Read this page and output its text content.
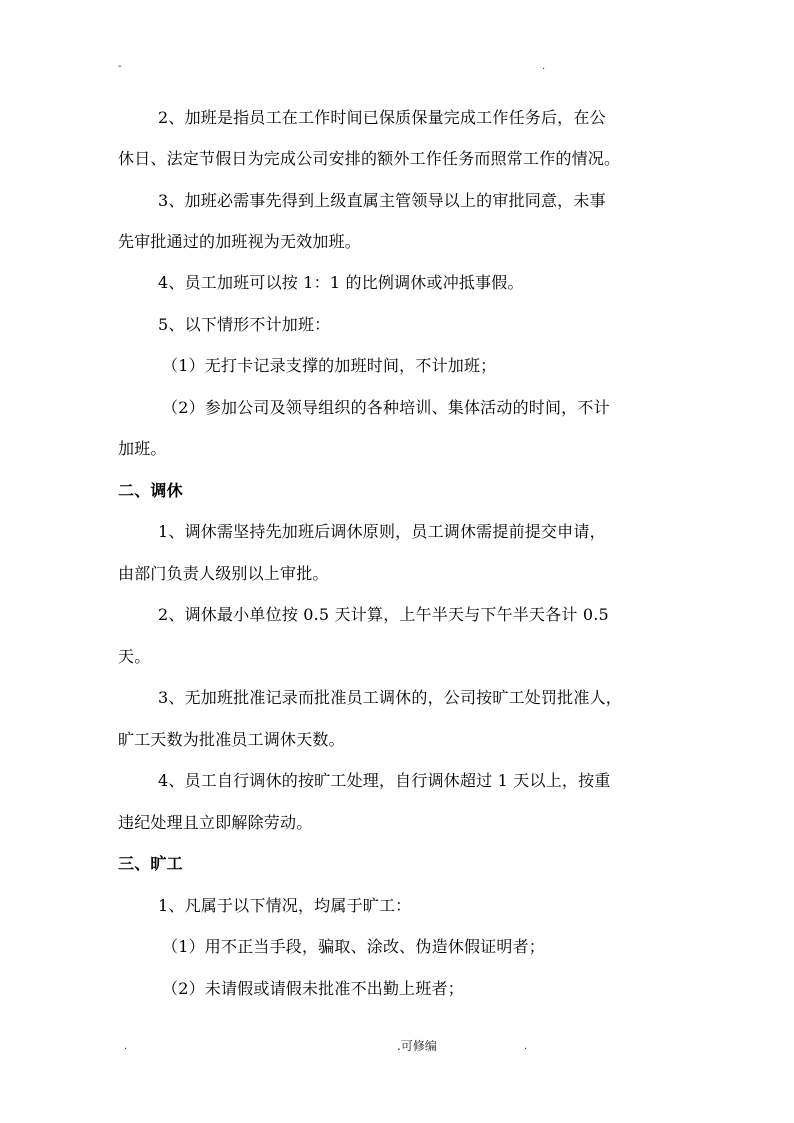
-	.
2、加班是指员工在工作时间已保质保量完成工作任务后，在公
休日、法定节假日为完成公司安排的额外工作任务而照常工作的情况。
3、加班必需事先得到上级直属主管领导以上的审批同意，未事
先审批通过的加班视为无效加班。
4、员工加班可以按 1：1 的比例调休或冲抵事假。
5、以下情形不计加班：
（1）无打卡记录支撑的加班时间，不计加班；
（2）参加公司及领导组织的各种培训、集体活动的时间，不计
加班。
二、调休
1、调休需坚持先加班后调休原则，员工调休需提前提交申请，
由部门负责人级别以上审批。
2、调休最小单位按 0.5 天计算，上午半天与下午半天各计 0.5
天。
3、无加班批准记录而批准员工调休的，公司按旷工处罚批准人，
旷工天数为批准员工调休天数。
4、员工自行调休的按旷工处理，自行调休超过 1 天以上，按重
违纪处理且立即解除劳动。
三、旷工
1、凡属于以下情况，均属于旷工：
（1）用不正当手段，骗取、涂改、伪造休假证明者；
（2）未请假或请假未批准不出勤上班者；
.	.可修编	.
